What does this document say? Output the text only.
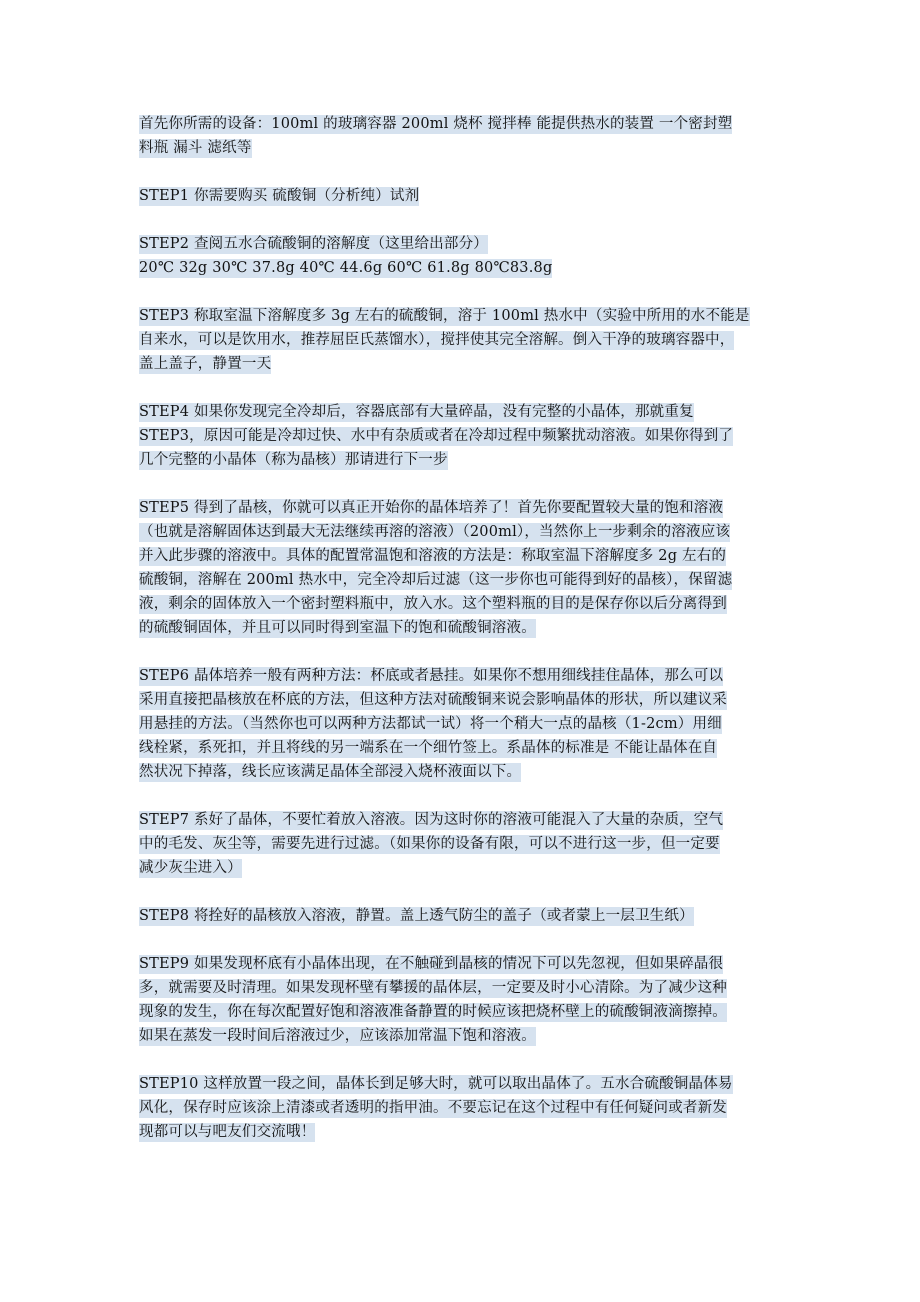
首先你所需的设备：100ml 的玻璃容器 200ml 烧杯 搅拌棒 能提供热水的装置 一个密封塑
料瓶 漏斗 滤纸等

STEP1 你需要购买 硫酸铜（分析纯）试剂

STEP2 查阅五水合硫酸铜的溶解度（这里给出部分）
20℃ 32g 30℃ 37.8g 40℃ 44.6g 60℃ 61.8g 80℃83.8g

STEP3 称取室温下溶解度多 3g 左右的硫酸铜，溶于 100ml 热水中（实验中所用的水不能是
自来水，可以是饮用水，推荐屈臣氏蒸馏水），搅拌使其完全溶解。倒入干净的玻璃容器中，
盖上盖子，静置一天

STEP4 如果你发现完全冷却后，容器底部有大量碎晶，没有完整的小晶体，那就重复
STEP3，原因可能是冷却过快、水中有杂质或者在冷却过程中频繁扰动溶液。如果你得到了
几个完整的小晶体（称为晶核）那请进行下一步

STEP5 得到了晶核，你就可以真正开始你的晶体培养了！首先你要配置较大量的饱和溶液
（也就是溶解固体达到最大无法继续再溶的溶液）（200ml），当然你上一步剩余的溶液应该
并入此步骤的溶液中。具体的配置常温饱和溶液的方法是：称取室温下溶解度多 2g 左右的
硫酸铜，溶解在 200ml 热水中，完全冷却后过滤（这一步你也可能得到好的晶核），保留滤
液，剩余的固体放入一个密封塑料瓶中，放入水。这个塑料瓶的目的是保存你以后分离得到
的硫酸铜固体，并且可以同时得到室温下的饱和硫酸铜溶液。

STEP6 晶体培养一般有两种方法：杯底或者悬挂。如果你不想用细线挂住晶体，那么可以
采用直接把晶核放在杯底的方法，但这种方法对硫酸铜来说会影响晶体的形状，所以建议采
用悬挂的方法。（当然你也可以两种方法都试一试）将一个稍大一点的晶核（1-2cm）用细
线栓紧，系死扣，并且将线的另一端系在一个细竹签上。系晶体的标准是 不能让晶体在自
然状况下掉落，线长应该满足晶体全部浸入烧杯液面以下。

STEP7 系好了晶体，不要忙着放入溶液。因为这时你的溶液可能混入了大量的杂质，空气
中的毛发、灰尘等，需要先进行过滤。（如果你的设备有限，可以不进行这一步，但一定要
减少灰尘进入）

STEP8 将拴好的晶核放入溶液，静置。盖上透气防尘的盖子（或者蒙上一层卫生纸）

STEP9 如果发现杯底有小晶体出现，在不触碰到晶核的情况下可以先忽视，但如果碎晶很
多，就需要及时清理。如果发现杯壁有攀援的晶体层，一定要及时小心清除。为了减少这种
现象的发生，你在每次配置好饱和溶液准备静置的时候应该把烧杯壁上的硫酸铜液滴擦掉。
如果在蒸发一段时间后溶液过少，应该添加常温下饱和溶液。

STEP10 这样放置一段之间，晶体长到足够大时，就可以取出晶体了。五水合硫酸铜晶体易
风化，保存时应该涂上清漆或者透明的指甲油。不要忘记在这个过程中有任何疑问或者新发
现都可以与吧友们交流哦！
